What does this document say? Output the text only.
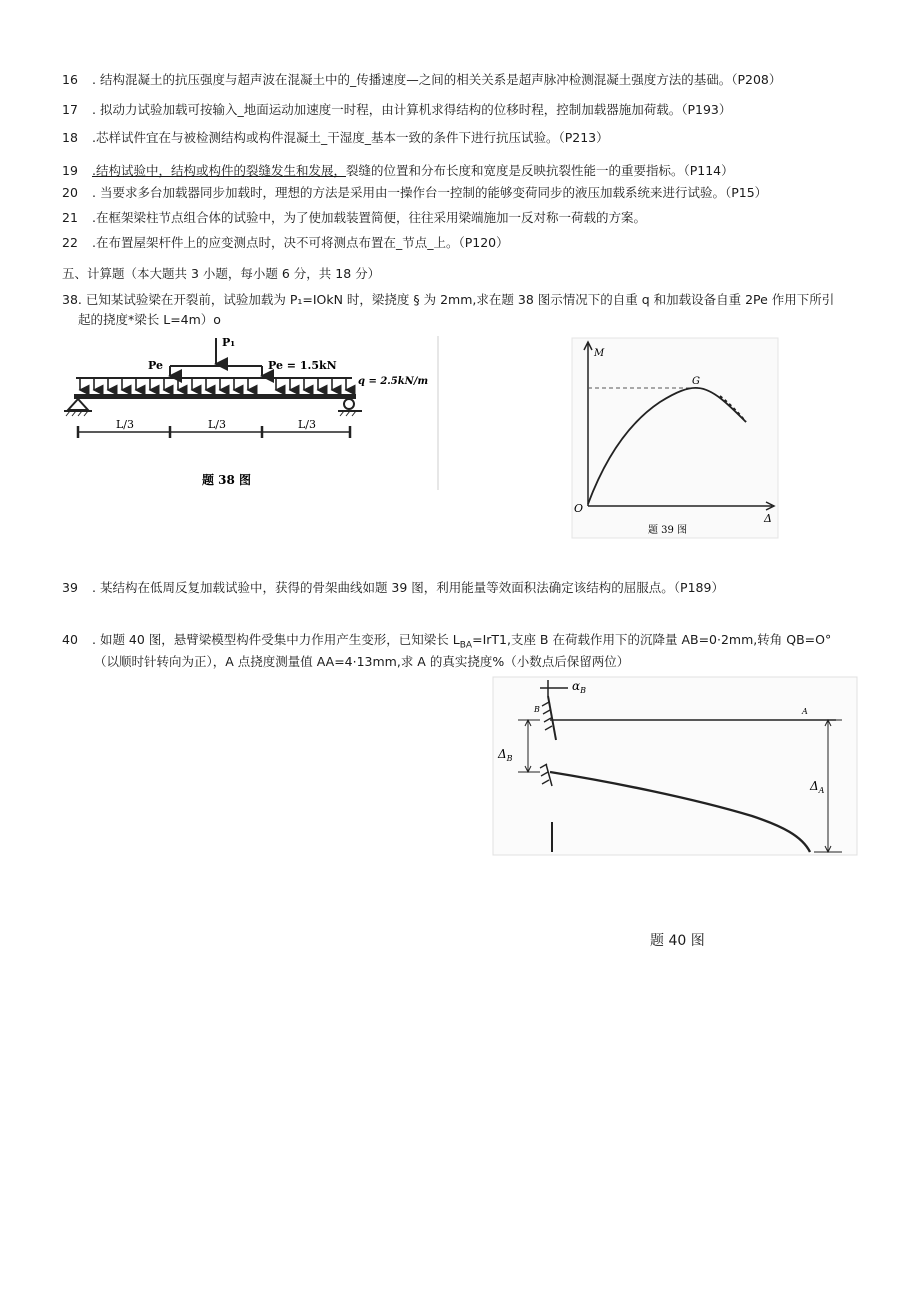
16 . 结构混凝土的抗压强度与超声波在混凝土中的_传播速度—之间的相关关系是超声脉冲检测混凝土强度方法的基础。（P208）
17 . 拟动力试验加载可按输入_地面运动加速度一时程，由计算机求得结构的位移时程，控制加载器施加荷载。（P193）
18 .芯样试件宜在与被检测结构或构件混凝土_干湿度_基本一致的条件下进行抗压试验。（P213）
19 .结构试验中，结构或构件的裂缝发生和发展，裂缝的位置和分布长度和宽度是反映抗裂性能一的重要指标。（P114）
20 . 当要求多台加载器同步加载时，理想的方法是采用由一操作台一控制的能够变荷同步的液压加载系统来进行试验。（P15）
21 .在框架梁柱节点组合体的试验中，为了使加载装置简便，往往采用梁端施加一反对称一荷载的方案。
22 .在布置屋架杆件上的应变测点时，决不可将测点布置在_节点_上。（P120）
五、计算题（本大题共 3 小题，每小题 6 分，共 18 分）
38. 已知某试验梁在开裂前，试验加载为 P₁=IOkN 时，梁挠度 § 为 2mm,求在题 38 图示情况下的自重 q 和加载设备自重 2Pe 作用下所引
起的挠度*梁长 L=4m）o
P₁
Pe	Pe = 1.5kN
q = 2.5kN/m
L/3	L/3	L/3
题 38 图
M
Δ
O
G
题 39 图
39 . 某结构在低周反复加载试验中，获得的骨架曲线如题 39 图，利用能量等效面积法确定该结构的屈服点。（P189）
40 . 如题 40 图，悬臂梁模型构件受集中力作用产生变形，已知梁长 $L_{BA}=IrT1$,支座 B 在荷载作用下的沉降量 AB=0·2mm,转角 QB=O°
（以顺时针转向为正），A 点挠度测量值 AA=4·13mm,求 A 的真实挠度%（小数点后保留两位）
$\alpha_B$
B	A
$\Delta_B$
$\Delta_A$
题 40 图
